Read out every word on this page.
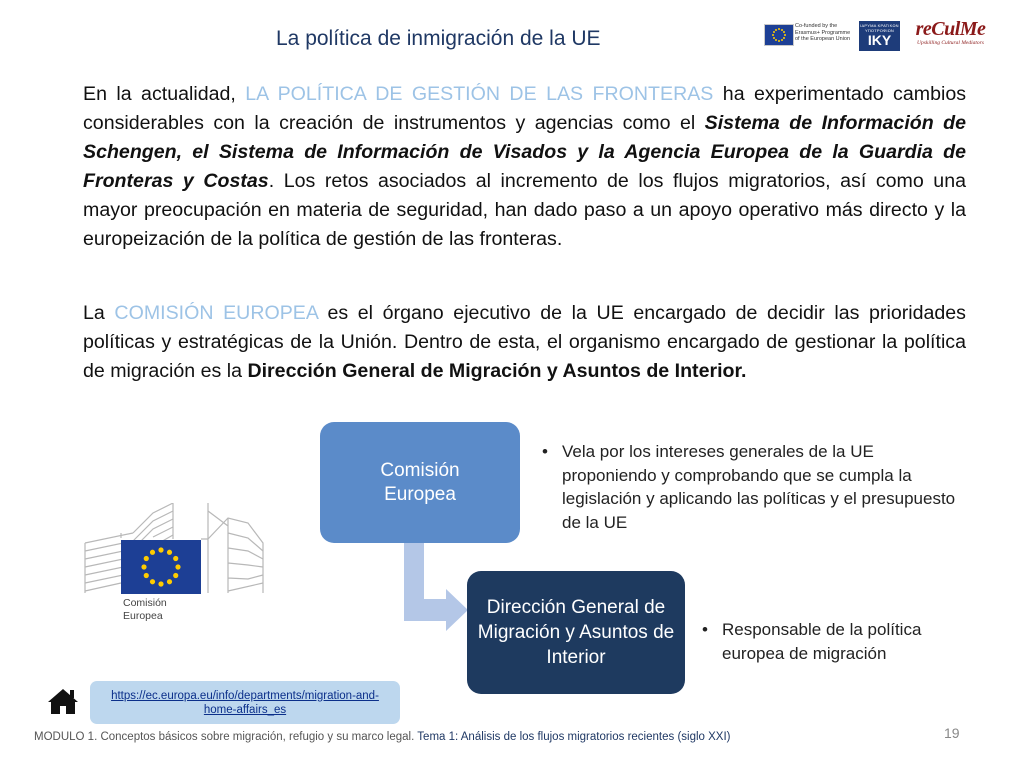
La política de inmigración de la UE
Co-funded by the Erasmus+ Programme of the European Union
ΙΔΡΥΜΑ ΚΡΑΤΙΚΩΝ ΥΠΟΤΡΟΦΙΩΝ
IKY	reCulMe
Upskilling Cultural Mediators
En la actualidad, LA POLÍTICA DE GESTIÓN DE LAS FRONTERAS ha experimentado cambios considerables con la creación de instrumentos y agencias como el Sistema de Información de Schengen, el Sistema de Información de Visados y la Agencia Europea de la Guardia de Fronteras y Costas. Los retos asociados al incremento de los flujos migratorios, así como una mayor preocupación en materia de seguridad, han dado paso a un apoyo operativo más directo y la europeización de la política de gestión de las fronteras.
La COMISIÓN EUROPEA es el órgano ejecutivo de la UE encargado de decidir las prioridades políticas y estratégicas de la Unión. Dentro de esta, el organismo encargado de gestionar la política de migración es la Dirección General de Migración y Asuntos de Interior.
Comisión
Europea
Comisión Europea
Dirección General de Migración y Asuntos de Interior
• Vela por los intereses generales de la UE proponiendo y comprobando que se cumpla la legislación y aplicando las políticas y el presupuesto de la UE
• Responsable de la política europea de migración
https://ec.europa.eu/info/departments/migration-and-home-affairs_es
19
MODULO 1. Conceptos básicos sobre migración, refugio y su marco legal. Tema 1: Análisis de los flujos migratorios recientes (siglo XXI)
